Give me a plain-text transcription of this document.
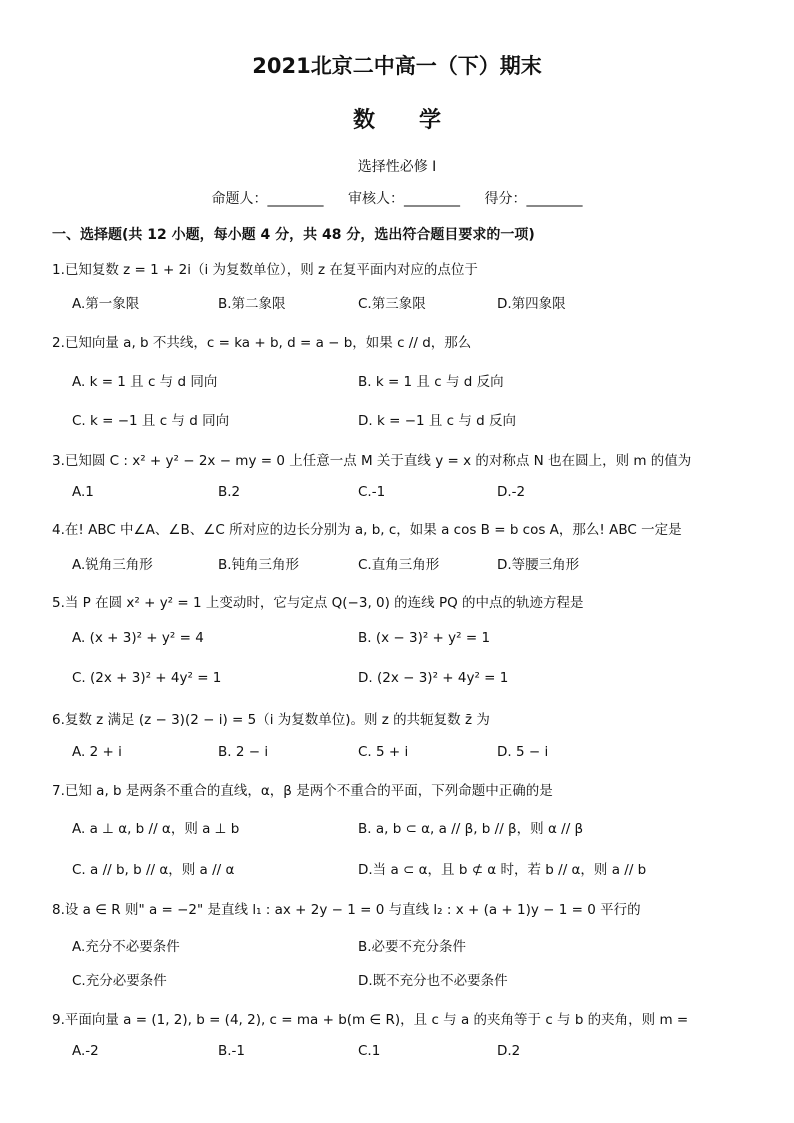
2021北京二中高一（下）期末
数学
选择性必修 I
命题人：________ 审核人：________ 得分：________
一、选择题(共 12 小题，每小题 4 分，共 48 分，选出符合题目要求的一项)
1.已知复数 z = 1 + 2i（i 为复数单位），则 z 在复平面内对应的点位于
A.第一象限	B.第二象限	C.第三象限	D.第四象限
2.已知向量 a, b 不共线，c = ka + b, d = a − b，如果 c // d，那么
A. k = 1 且 c 与 d 同向	B. k = 1 且 c 与 d 反向
C. k = −1 且 c 与 d 同向	D. k = −1 且 c 与 d 反向
3.已知圆 C : x² + y² − 2x − my = 0 上任意一点 M 关于直线 y = x 的对称点 N 也在圆上，则 m 的值为
A.1	B.2	C.-1	D.-2
4.在! ABC 中∠A、∠B、∠C 所对应的边长分别为 a, b, c，如果 a cos B = b cos A，那么! ABC 一定是
A.锐角三角形	B.钝角三角形	C.直角三角形	D.等腰三角形
5.当 P 在圆 x² + y² = 1 上变动时，它与定点 Q(−3, 0) 的连线 PQ 的中点的轨迹方程是
A. (x + 3)² + y² = 4	B. (x − 3)² + y² = 1
C. (2x + 3)² + 4y² = 1	D. (2x − 3)² + 4y² = 1
6.复数 z 满足 (z − 3)(2 − i) = 5（i 为复数单位)。则 z 的共轭复数 z̄ 为
A. 2 + i	B. 2 − i	C. 5 + i	D. 5 − i
7.已知 a, b 是两条不重合的直线，α，β 是两个不重合的平面，下列命题中正确的是
A. a ⊥ α, b // α，则 a ⊥ b	B. a, b ⊂ α, a // β, b // β，则 α // β
C. a // b, b // α，则 a // α	D.当 a ⊂ α，且 b ⊄ α 时，若 b // α，则 a // b
8.设 a ∈ R 则" a = −2" 是直线 l₁ : ax + 2y − 1 = 0 与直线 l₂ : x + (a + 1)y − 1 = 0 平行的
A.充分不必要条件	B.必要不充分条件
C.充分必要条件	D.既不充分也不必要条件
9.平面向量 a = (1, 2), b = (4, 2), c = ma + b(m ∈ R)，且 c 与 a 的夹角等于 c 与 b 的夹角，则 m =
A.-2	B.-1	C.1	D.2
